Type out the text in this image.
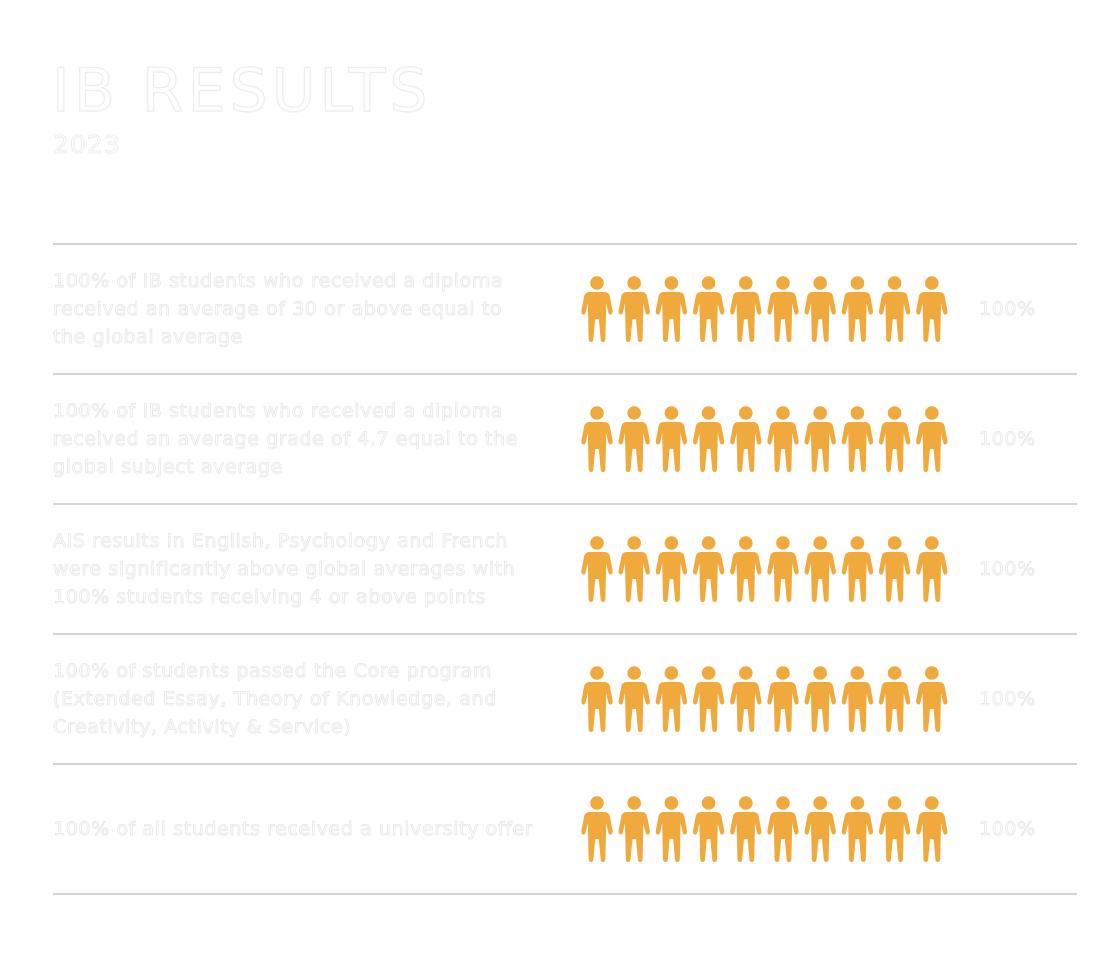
IB RESULTS
2023
100% of IB students who received a diploma
received an average of 30 or above equal to
the global average
100%
100% of IB students who received a diploma
received an average grade of 4.7 equal to the
global subject average
100%
AIS results in English, Psychology and French
were significantly above global averages with
100% students receiving 4 or above points
100%
100% of students passed the Core program
(Extended Essay, Theory of Knowledge, and
Creativity, Activity & Service)
100%
100% of all students received a university offer	100%
